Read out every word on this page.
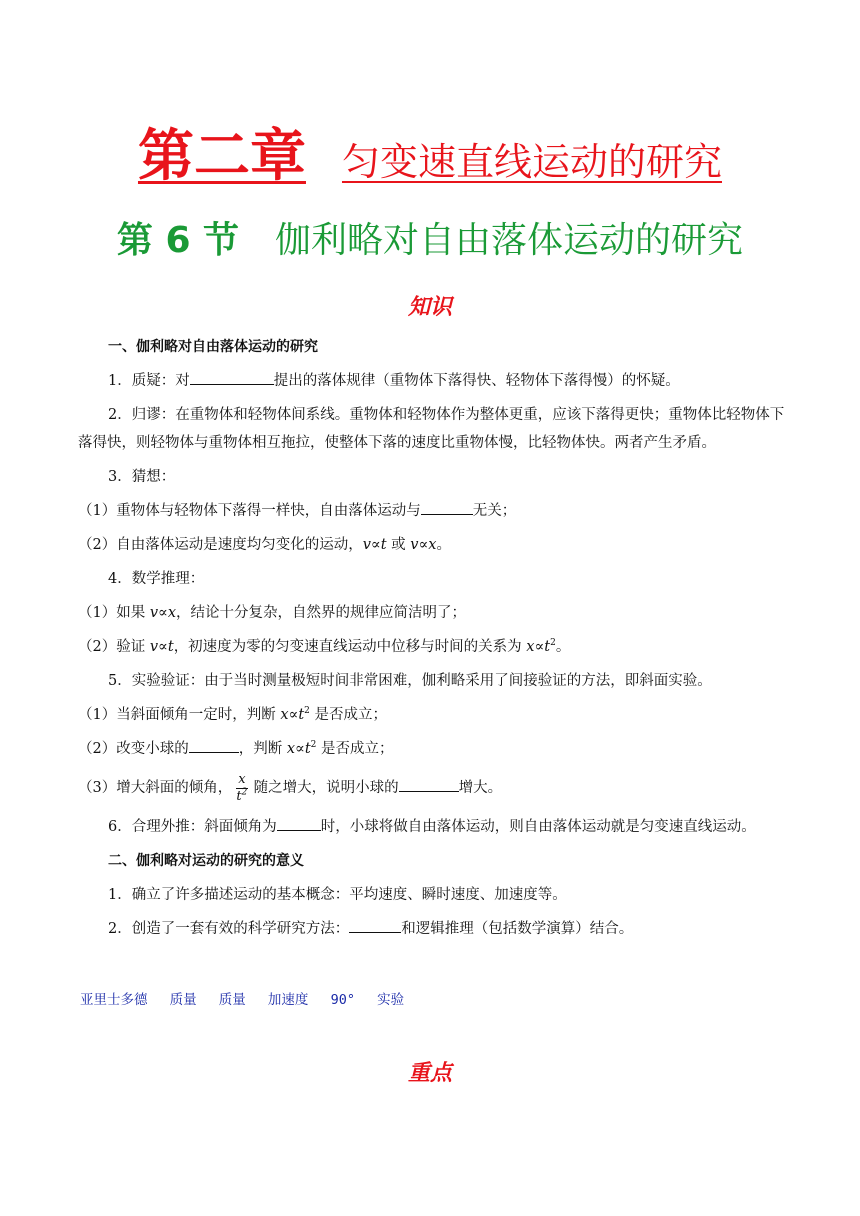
第二章 匀变速直线运动的研究
第 6 节 伽利略对自由落体运动的研究
知识
一、伽利略对自由落体运动的研究
1．质疑：对	提出的落体规律（重物体下落得快、轻物体下落得慢）的怀疑。
2．归谬：在重物体和轻物体间系线。重物体和轻物体作为整体更重，应该下落得更快；重物体比轻物体下落得快，则轻物体与重物体相互拖拉，使整体下落的速度比重物体慢，比轻物体快。两者产生矛盾。
3．猜想：
（1）重物体与轻物体下落得一样快，自由落体运动与	无关；
（2）自由落体运动是速度均匀变化的运动，v∝t 或 v∝x。
4．数学推理：
（1）如果 v∝x，结论十分复杂，自然界的规律应简洁明了；
（2）验证 v∝t，初速度为零的匀变速直线运动中位移与时间的关系为 $x\propto t^2$。
5．实验验证：由于当时测量极短时间非常困难，伽利略采用了间接验证的方法，即斜面实验。
（1）当斜面倾角一定时，判断 $x\propto t^2$ 是否成立；
（2）改变小球的	，判断 $x\propto t^2$ 是否成立；
（3）增大斜面的倾角， $\frac{x}{t^2}$ 随之增大，说明小球的	增大。
6．合理外推：斜面倾角为	时，小球将做自由落体运动，则自由落体运动就是匀变速直线运动。
二、伽利略对运动的研究的意义
1．确立了许多描述运动的基本概念：平均速度、瞬时速度、加速度等。
2．创造了一套有效的科学研究方法：	和逻辑推理（包括数学演算）结合。
亚里士多德 质量 质量 加速度 90° 实验
重点
